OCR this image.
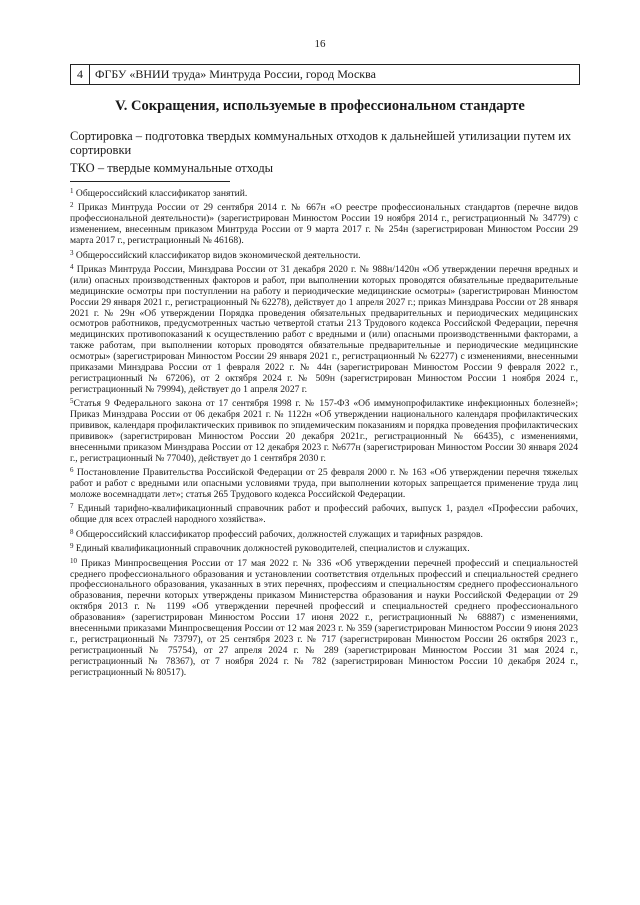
16
4	ФГБУ «ВНИИ труда» Минтруда России, город Москва
V. Сокращения, используемые в профессиональном стандарте
Сортировка – подготовка твердых коммунальных отходов к дальнейшей утилизации путем их сортировки
ТКО – твердые коммунальные отходы

$^1$ Общероссийский классификатор занятий.

$^2$ Приказ Минтруда России от 29 сентября 2014 г. № 667н «О реестре профессиональных стандартов (перечне видов профессиональной деятельности)» (зарегистрирован Минюстом России 19 ноября 2014 г., регистрационный № 34779) с изменением, внесенным приказом Минтруда России от 9 марта 2017 г. № 254н (зарегистрирован Минюстом России 29 марта 2017 г., регистрационный № 46168).

$^3$ Общероссийский классификатор видов экономической деятельности.

$^4$ Приказ Минтруда России, Минздрава России от 31 декабря 2020 г. № 988н/1420н «Об утверждении перечня вредных и (или) опасных производственных факторов и работ, при выполнении которых проводятся обязательные предварительные медицинские осмотры при поступлении на работу и периодические медицинские осмотры» (зарегистрирован Минюстом России 29 января 2021 г., регистрационный № 62278), действует до 1 апреля 2027 г.; приказ Минздрава России от 28 января 2021 г. № 29н «Об утверждении Порядка проведения обязательных предварительных и периодических медицинских осмотров работников, предусмотренных частью четвертой статьи 213 Трудового кодекса Российской Федерации, перечня медицинских противопоказаний к осуществлению работ с вредными и (или) опасными производственными факторами, а также работам, при выполнении которых проводятся обязательные предварительные и периодические медицинские осмотры» (зарегистрирован Минюстом России 29 января 2021 г., регистрационный № 62277) с изменениями, внесенными приказами Минздрава России от 1 февраля 2022 г. № 44н (зарегистрирован Минюстом России 9 февраля 2022 г., регистрационный № 67206), от 2 октября 2024 г. № 509н (зарегистрирован Минюстом России 1 ноября 2024 г., регистрационный № 79994), действует до 1 апреля 2027 г.

$^5$Статья 9 Федерального закона от 17 сентября 1998 г. № 157-ФЗ «Об иммунопрофилактике инфекционных болезней»; Приказ Минздрава России от 06 декабря 2021 г. № 1122н «Об утверждении национального календаря профилактических прививок, календаря профилактических прививок по эпидемическим показаниям и порядка проведения профилактических прививок» (зарегистрирован Минюстом России 20 декабря 2021г., регистрационный № 66435), с изменениями, внесенными приказом Минздрава России от 12 декабря 2023 г. №677н (зарегистрирован Минюстом России 30 января 2024 г., регистрационный № 77040), действует до 1 сентября 2030 г.

$^6$ Постановление Правительства Российской Федерации от 25 февраля 2000 г. № 163 «Об утверждении перечня тяжелых работ и работ с вредными или опасными условиями труда, при выполнении которых запрещается применение труда лиц моложе восемнадцати лет»; статья 265 Трудового кодекса Российской Федерации.

$^7$ Единый тарифно-квалификационный справочник работ и профессий рабочих, выпуск 1, раздел «Профессии рабочих, общие для всех отраслей народного хозяйства».

$^8$ Общероссийский классификатор профессий рабочих, должностей служащих и тарифных разрядов.

$^9$ Единый квалификационный справочник должностей руководителей, специалистов и служащих.

$^{10}$ Приказ Минпросвещения России от 17 мая 2022 г. № 336 «Об утверждении перечней профессий и специальностей среднего профессионального образования и установлении соответствия отдельных профессий и специальностей среднего профессионального образования, указанных в этих перечнях, профессиям и специальностям среднего профессионального образования, перечни которых утверждены приказом Министерства образования и науки Российской Федерации от 29 октября 2013 г. № 1199 «Об утверждении перечней профессий и специальностей среднего профессионального образования» (зарегистрирован Минюстом России 17 июня 2022 г., регистрационный № 68887) с изменениями, внесенными приказами Минпросвещения России от 12 мая 2023 г. № 359 (зарегистрирован Минюстом России 9 июня 2023 г., регистрационный № 73797), от 25 сентября 2023 г. № 717 (зарегистрирован Минюстом России 26 октября 2023 г., регистрационный № 75754), от 27 апреля 2024 г. № 289 (зарегистрирован Минюстом России 31 мая 2024 г., регистрационный № 78367), от 7 ноября 2024 г. № 782 (зарегистрирован Минюстом России 10 декабря 2024 г., регистрационный № 80517).
